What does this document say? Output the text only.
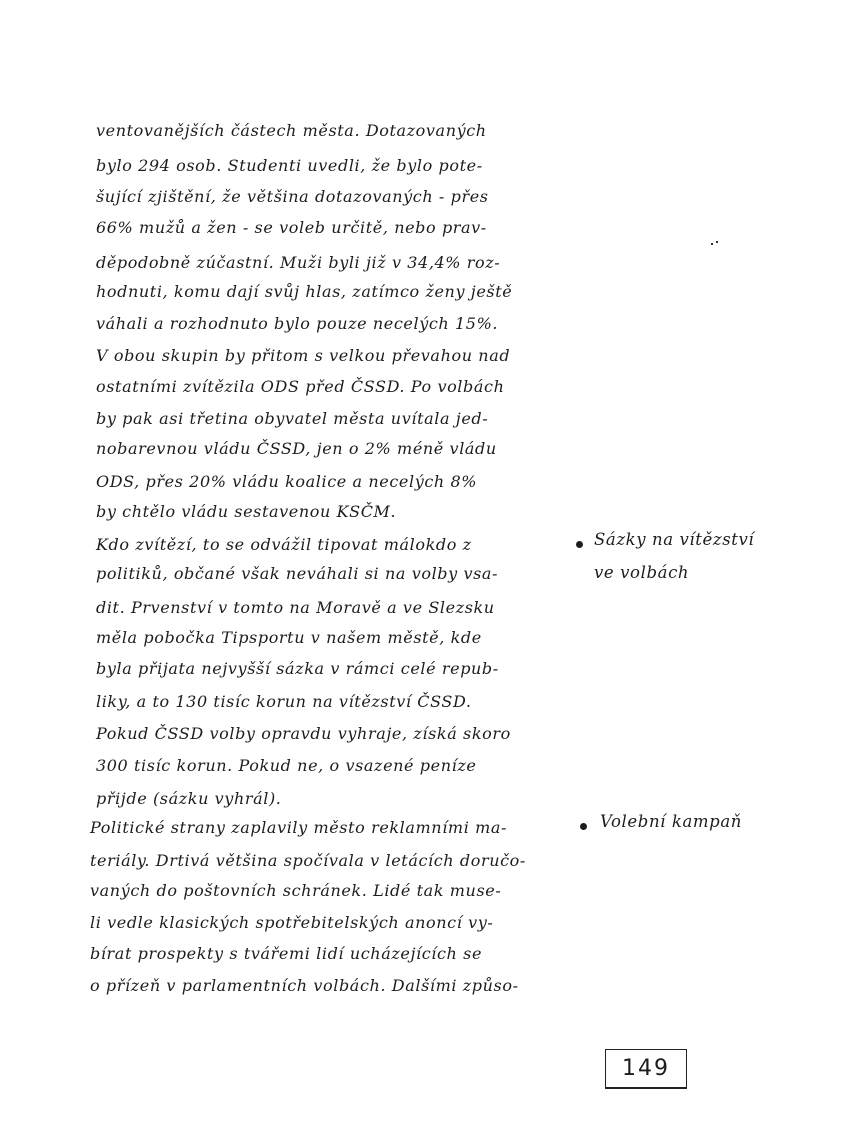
ventovanějších částech města. Dotazovaných
bylo 294 osob. Studenti uvedli, že bylo pote-
šující zjištění, že většina dotazovaných - přes
66% mužů a žen - se voleb určitě, nebo prav-
děpodobně zúčastní. Muži byli již v 34,4% roz-
hodnuti, komu dají svůj hlas, zatímco ženy ještě
váhali a rozhodnuto bylo pouze necelých 15%.
V obou skupin by přitom s velkou převahou nad
ostatními zvítězila ODS před ČSSD. Po volbách
by pak asi třetina obyvatel města uvítala jed-
nobarevnou vládu ČSSD, jen o 2% méně vládu
ODS, přes 20% vládu koalice a necelých 8%
by chtělo vládu sestavenou KSČM.
Kdo zvítězí, to se odvážil tipovat málokdo z
politiků, občané však neváhali si na volby vsa-
dit. Prvenství v tomto na Moravě a ve Slezsku
měla pobočka Tipsportu v našem městě, kde
byla přijata nejvyšší sázka v rámci celé repub-
liky, a to 130 tisíc korun na vítězství ČSSD.
Pokud ČSSD volby opravdu vyhraje, získá skoro
300 tisíc korun. Pokud ne, o vsazené peníze
přijde (sázku vyhrál).
Politické strany zaplavily město reklamními ma-
teriály. Drtivá většina spočívala v letácích doručo-
vaných do poštovních schránek. Lidé tak muse-
li vedle klasických spotřebitelských anoncí vy-
bírat prospekty s tvářemi lidí ucházejících se
o přízeň v parlamentních volbách. Dalšími způso-
Sázky na vítězství
ve volbách
Volební kampaň
149
